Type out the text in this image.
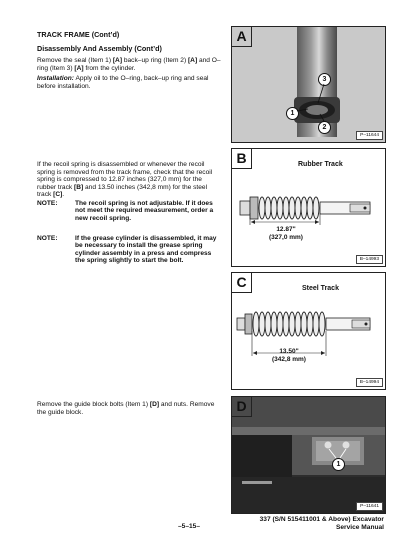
TRACK FRAME (Cont’d)
Disassembly And Assembly (Cont’d)
Remove the seal (Item 1) [A] back–up ring (Item 2) [A] and O–ring (Item 3) [A] from the cylinder.
Installation: Apply oil to the O–ring, back–up ring and seal before installation.
If the recoil spring is disassembled or whenever the recoil spring is removed from the track frame, check that the recoil spring is compressed to 12.87 inches (327,0 mm) for the rubber track [B] and 13.50 inches (342,8 mm) for the steel track [C].
NOTE:	The recoil spring is not adjustable. If it does not meet the required measurement, order a new recoil spring.
NOTE:	If the grease cylinder is disassembled, it may be necessary to install the grease spring cylinder assembly in a press and compress the spring slightly to start the bolt.
Remove the guide block bolts (Item 1) [D] and nuts. Remove the guide block.
A
3
1
2
P–11644
B	Rubber Track
12.87"
(327,0 mm)
B–14993
C	Steel Track
13.50"
(342,8 mm)
B–14994
D
1
P–11641
–5–15–
337 (S/N 515411001 & Above) Excavator
Service Manual
